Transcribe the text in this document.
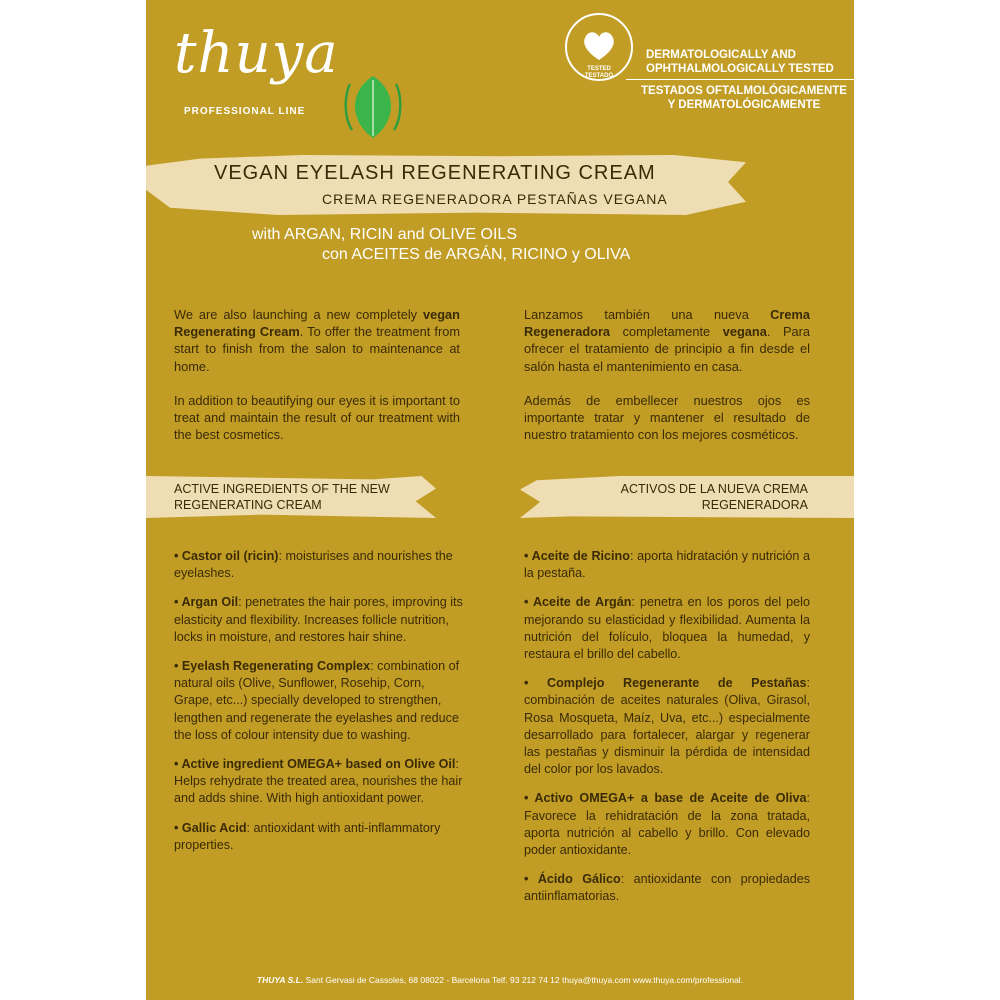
thuya
PROFESSIONAL LINE
TESTED
TESTADO
DERMATOLOGICALLY AND
OPHTHALMOLOGICALLY TESTED
TESTADOS OFTALMOLÓGICAMENTE
Y DERMATOLÓGICAMENTE
VEGAN EYELASH REGENERATING CREAM
CREMA REGENERADORA PESTAÑAS VEGANA
with ARGAN, RICIN and OLIVE OILS
con ACEITES de ARGÁN, RICINO y OLIVA

We are also launching a new completely vegan Regenerating Cream. To offer the treatment from start to finish from the salon to maintenance at home.

In addition to beautifying our eyes it is important to treat and maintain the result of our treatment with the best cosmetics.

Lanzamos también una nueva Crema Regeneradora completamente vegana. Para ofrecer el tratamiento de principio a fin desde el salón hasta el mantenimiento en casa.

Además de embellecer nuestros ojos es importante tratar y mantener el resultado de nuestro tratamiento con los mejores cosméticos.

ACTIVE INGREDIENTS OF THE NEW
REGENERATING CREAM
ACTIVOS DE LA NUEVA CREMA
REGENERADORA

• Castor oil (ricin): moisturises and nourishes the eyelashes.

• Argan Oil: penetrates the hair pores, improving its elasticity and flexibility. Increases follicle nutrition, locks in moisture, and restores hair shine.

• Eyelash Regenerating Complex: combination of natural oils (Olive, Sunflower, Rosehip, Corn, Grape, etc...) specially developed to strengthen, lengthen and regenerate the eyelashes and reduce the loss of colour intensity due to washing.

• Active ingredient OMEGA+ based on Olive Oil: Helps rehydrate the treated area, nourishes the hair and adds shine. With high antioxidant power.

• Gallic Acid: antioxidant with anti-inflammatory properties.

• Aceite de Ricino: aporta hidratación y nutrición a la pestaña.

• Aceite de Argán: penetra en los poros del pelo mejorando su elasticidad y flexibilidad. Aumenta la nutrición del folículo, bloquea la humedad, y restaura el brillo del cabello.

• Complejo Regenerante de Pestañas: combinación de aceites naturales (Oliva, Girasol, Rosa Mosqueta, Maíz, Uva, etc...) especialmente desarrollado para fortalecer, alargar y regenerar las pestañas y disminuir la pérdida de intensidad del color por los lavados.

• Activo OMEGA+ a base de Aceite de Oliva: Favorece la rehidratación de la zona tratada, aporta nutrición al cabello y brillo. Con elevado poder antioxidante.

• Ácido Gálico: antioxidante con propiedades antiinflamatorias.

THUYA S.L. Sant Gervasi de Cassoles, 68 08022 - Barcelona Telf. 93 212 74 12 thuya@thuya.com www.thuya.com/professional.
